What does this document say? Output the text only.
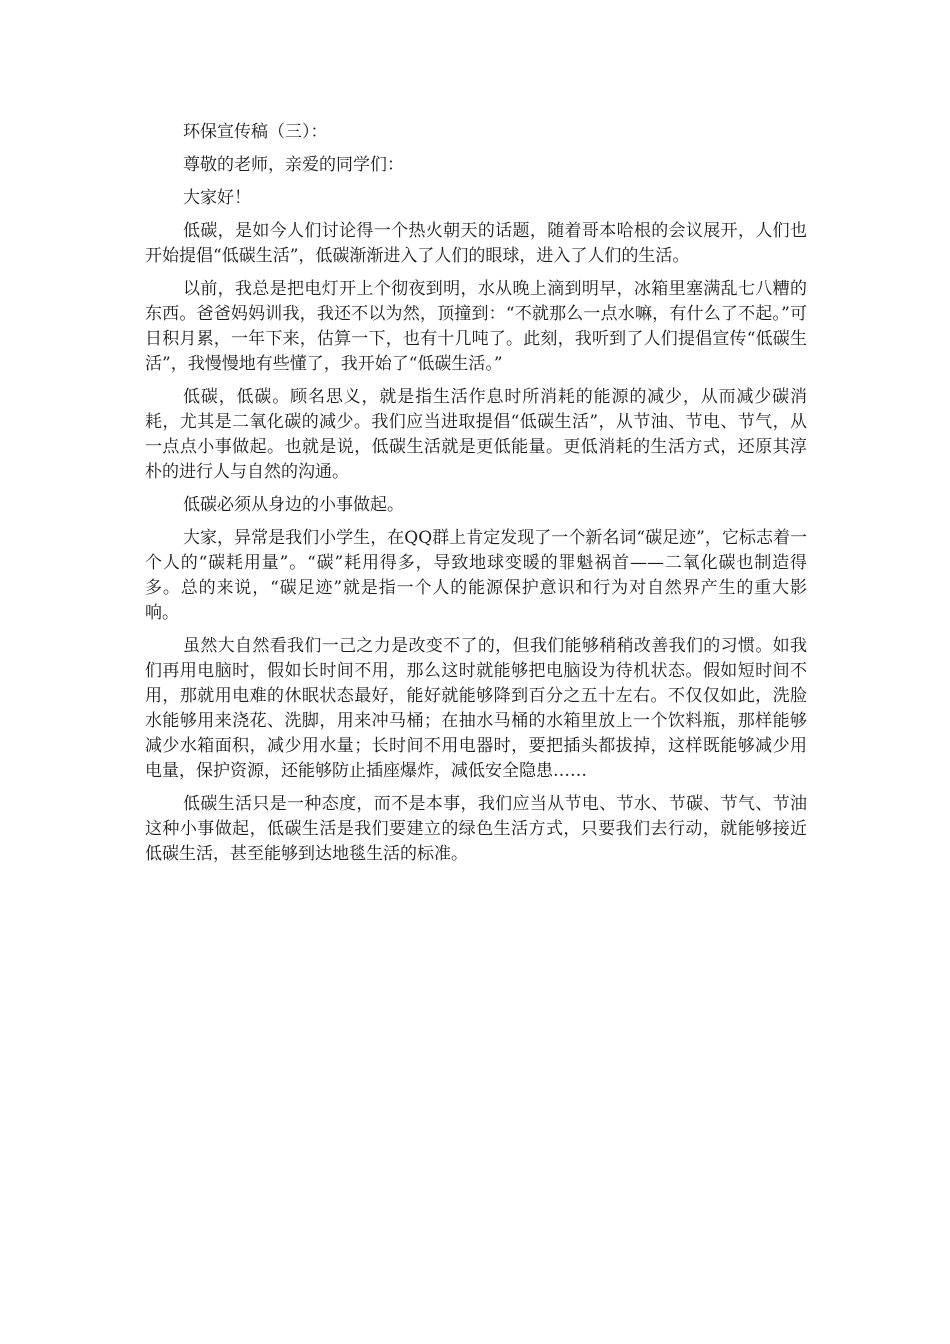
环保宣传稿（三）：

尊敬的老师，亲爱的同学们：

大家好！

低碳，是如今人们讨论得一个热火朝天的话题，随着哥本哈根的会议展开，人们也开始提倡“低碳生活”，低碳渐渐进入了人们的眼球，进入了人们的生活。

以前，我总是把电灯开上个彻夜到明，水从晚上滴到明早，冰箱里塞满乱七八糟的东西。爸爸妈妈训我，我还不以为然，顶撞到：“不就那么一点水嘛，有什么了不起。”可日积月累，一年下来，估算一下，也有十几吨了。此刻，我听到了人们提倡宣传“低碳生活”，我慢慢地有些懂了，我开始了“低碳生活。”

低碳，低碳。顾名思义，就是指生活作息时所消耗的能源的减少，从而减少碳消耗，尤其是二氧化碳的减少。我们应当进取提倡“低碳生活”，从节油、节电、节气，从一点点小事做起。也就是说，低碳生活就是更低能量。更低消耗的生活方式，还原其淳朴的进行人与自然的沟通。

低碳必须从身边的小事做起。

大家，异常是我们小学生，在QQ群上肯定发现了一个新名词“碳足迹”，它标志着一个人的“碳耗用量”。“碳”耗用得多，导致地球变暖的罪魁祸首——二氧化碳也制造得多。总的来说，“碳足迹”就是指一个人的能源保护意识和行为对自然界产生的重大影响。

虽然大自然看我们一己之力是改变不了的，但我们能够稍稍改善我们的习惯。如我们再用电脑时，假如长时间不用，那么这时就能够把电脑设为待机状态。假如短时间不用，那就用电难的休眠状态最好，能好就能够降到百分之五十左右。不仅仅如此，洗脸水能够用来浇花、洗脚，用来冲马桶；在抽水马桶的水箱里放上一个饮料瓶，那样能够减少水箱面积，减少用水量；长时间不用电器时，要把插头都拔掉，这样既能够减少用电量，保护资源，还能够防止插座爆炸，减低安全隐患……

低碳生活只是一种态度，而不是本事，我们应当从节电、节水、节碳、节气、节油这种小事做起，低碳生活是我们要建立的绿色生活方式，只要我们去行动，就能够接近低碳生活，甚至能够到达地毯生活的标准。
